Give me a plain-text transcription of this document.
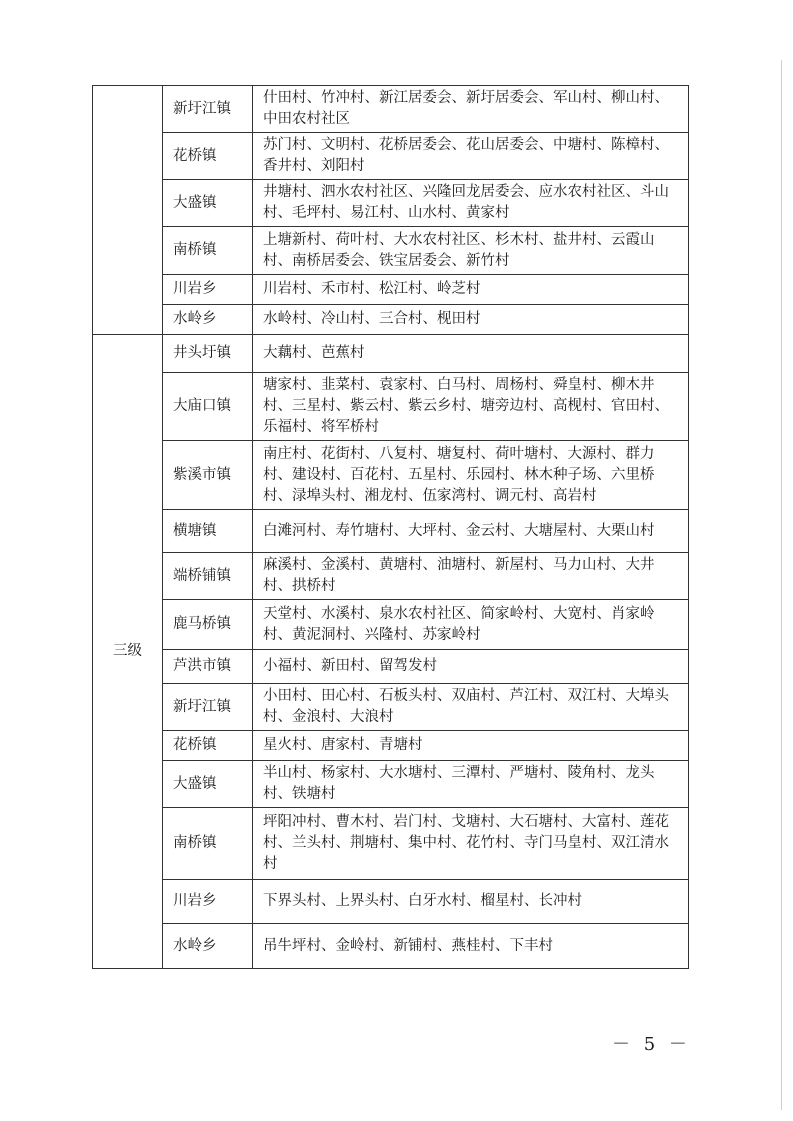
	新圩江镇	什田村、竹冲村、新江居委会、新圩居委会、军山村、柳山村、中田农村社区
	花桥镇	苏门村、文明村、花桥居委会、花山居委会、中塘村、陈樟村、香井村、刘阳村
	大盛镇	井塘村、泗水农村社区、兴隆回龙居委会、应水农村社区、斗山村、毛坪村、易江村、山水村、黄家村
	南桥镇	上塘新村、荷叶村、大水农村社区、杉木村、盐井村、云霞山村、南桥居委会、铁宝居委会、新竹村
	川岩乡	川岩村、禾市村、松江村、岭芝村
	水岭乡	水岭村、冷山村、三合村、枧田村
三级	井头圩镇	大藕村、芭蕉村
	大庙口镇	塘家村、韭菜村、袁家村、白马村、周杨村、舜皇村、柳木井村、三星村、紫云村、紫云乡村、塘旁边村、高枧村、官田村、乐福村、将军桥村
	紫溪市镇	南庄村、花街村、八复村、塘复村、荷叶塘村、大源村、群力村、建设村、百花村、五星村、乐园村、林木种子场、六里桥村、渌埠头村、湘龙村、伍家湾村、调元村、高岩村
	横塘镇	白滩河村、寿竹塘村、大坪村、金云村、大塘屋村、大栗山村
	端桥铺镇	麻溪村、金溪村、黄塘村、油塘村、新屋村、马力山村、大井村、拱桥村
	鹿马桥镇	天堂村、水溪村、泉水农村社区、简家岭村、大宽村、肖家岭村、黄泥洞村、兴隆村、苏家岭村
	芦洪市镇	小福村、新田村、留驾发村
	新圩江镇	小田村、田心村、石板头村、双庙村、芦江村、双江村、大埠头村、金浪村、大浪村
	花桥镇	星火村、唐家村、青塘村
	大盛镇	半山村、杨家村、大水塘村、三潭村、严塘村、陵角村、龙头村、铁塘村
	南桥镇	坪阳冲村、曹木村、岩门村、戈塘村、大石塘村、大富村、莲花村、兰头村、荆塘村、集中村、花竹村、寺门马皇村、双江清水村
	川岩乡	下界头村、上界头村、白牙水村、榴星村、长冲村
	水岭乡	吊牛坪村、金岭村、新铺村、燕桂村、下丰村
－ 5 －
